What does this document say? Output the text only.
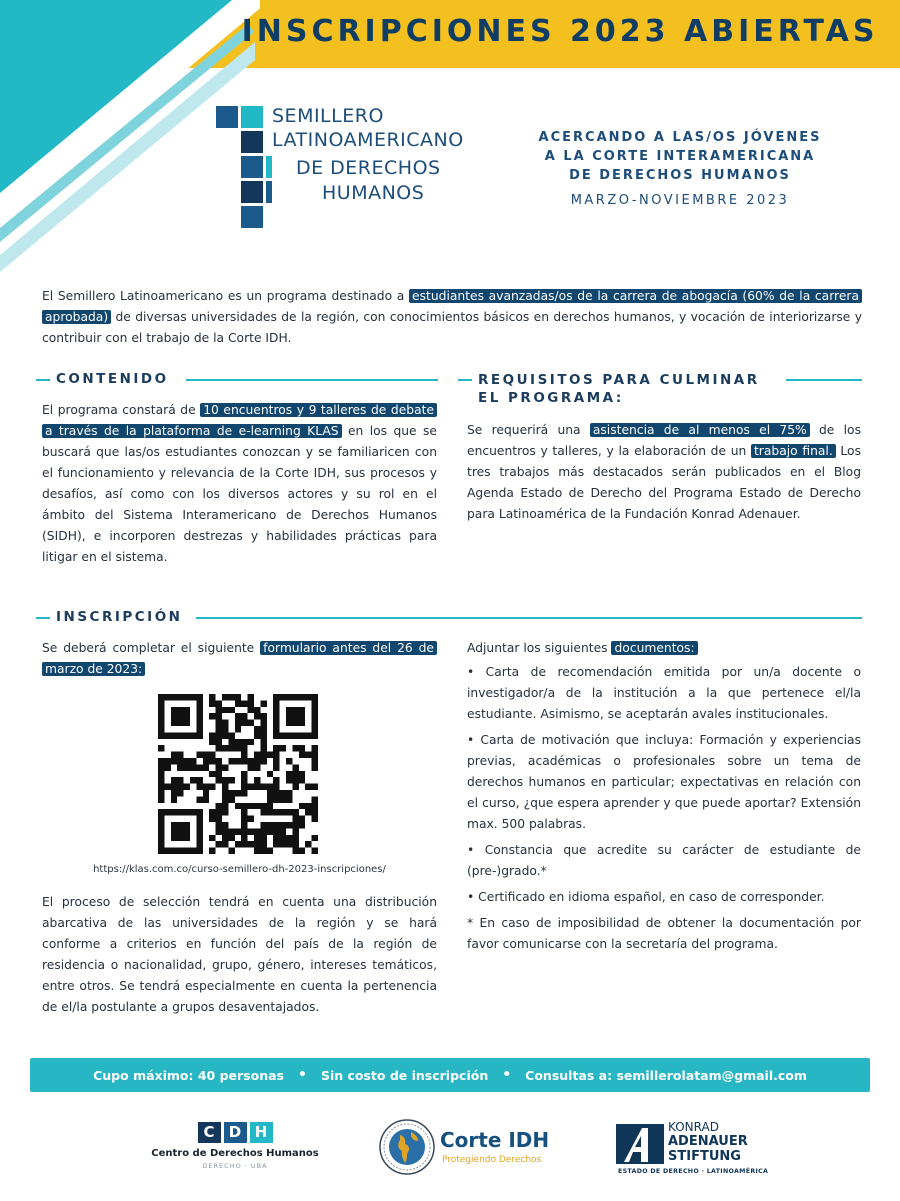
INSCRIPCIONES 2023 ABIERTAS
SEMILLERO
LATINOAMERICANO
DE DERECHOS
HUMANOS
ACERCANDO A LAS/OS JÓVENES
A LA CORTE INTERAMERICANA
DE DERECHOS HUMANOS
MARZO-NOVIEMBRE 2023
El Semillero Latinoamericano es un programa destinado a estudiantes avanzadas/os de la carrera de abogacía (60% de la carrera aprobada) de diversas universidades de la región, con conocimientos básicos en derechos humanos, y vocación de interiorizarse y contribuir con el trabajo de la Corte IDH.
CONTENIDO
El programa constará de 10 encuentros y 9 talleres de debate a través de la plataforma de e-learning KLAS en los que se buscará que las/os estudiantes conozcan y se familiaricen con el funcionamiento y relevancia de la Corte IDH, sus procesos y desafíos, así como con los diversos actores y su rol en el ámbito del Sistema Interamericano de Derechos Humanos (SIDH), e incorporen destrezas y habilidades prácticas para litigar en el sistema.
REQUISITOS PARA CULMINAR
EL PROGRAMA:
Se requerirá una asistencia de al menos el 75% de los encuentros y talleres, y la elaboración de un trabajo final. Los tres trabajos más destacados serán publicados en el Blog Agenda Estado de Derecho del Programa Estado de Derecho para Latinoamérica de la Fundación Konrad Adenauer.
INSCRIPCIÓN
Se deberá completar el siguiente formulario antes del 26 de marzo de 2023:
https://klas.com.co/curso-semillero-dh-2023-inscripciones/
El proceso de selección tendrá en cuenta una distribución abarcativa de las universidades de la región y se hará conforme a criterios en función del país de la región de residencia o nacionalidad, grupo, género, intereses temáticos, entre otros. Se tendrá especialmente en cuenta la pertenencia de el/la postulante a grupos desaventajados.
Adjuntar los siguientes documentos:
• Carta de recomendación emitida por un/a docente o investigador/a de la institución a la que pertenece el/la estudiante. Asimismo, se aceptarán avales institucionales.
• Carta de motivación que incluya: Formación y experiencias previas, académicas o profesionales sobre un tema de derechos humanos en particular; expectativas en relación con el curso, ¿que espera aprender y que puede aportar? Extensión max. 500 palabras.
• Constancia que acredite su carácter de estudiante de (pre-)grado.*
• Certificado en idioma español, en caso de corresponder.
* En caso de imposibilidad de obtener la documentación por favor comunicarse con la secretaría del programa.
Cupo máximo: 40 personas • Sin costo de inscripción • Consultas a: semillerolatam@gmail.com
C D H
Centro de Derechos Humanos
DERECHO · UBA
Corte IDH
Protegiendo Derechos
KONRAD
ADENAUER
STIFTUNG
ESTADO DE DERECHO · LATINOAMÉRICA
